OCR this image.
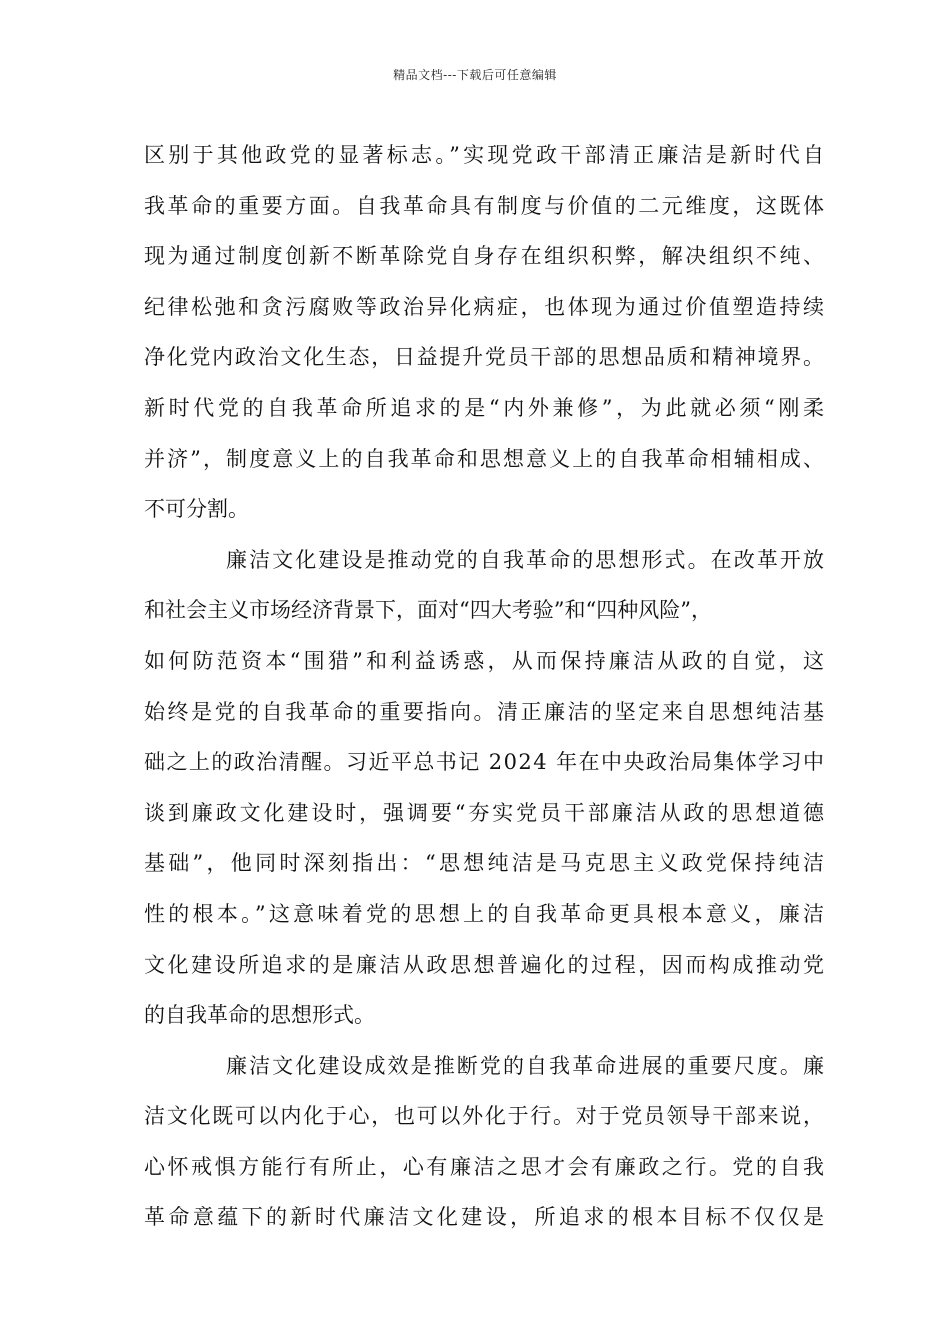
精品文档---下载后可任意编辑
区别于其他政党的显著标志。”实现党政干部清正廉洁是新时代自
我革命的重要方面。自我革命具有制度与价值的二元维度，这既体
现为通过制度创新不断革除党自身存在组织积弊，解决组织不纯、
纪律松弛和贪污腐败等政治异化病症，也体现为通过价值塑造持续
净化党内政治文化生态，日益提升党员干部的思想品质和精神境界。
新时代党的自我革命所追求的是“内外兼修”，为此就必须“刚柔
并济”，制度意义上的自我革命和思想意义上的自我革命相辅相成、
不可分割。
廉洁文化建设是推动党的自我革命的思想形式。在改革开放
和社会主义市场经济背景下，面对“四大考验”和“四种风险”，
如何防范资本“围猎”和利益诱惑，从而保持廉洁从政的自觉，这
始终是党的自我革命的重要指向。清正廉洁的坚定来自思想纯洁基
础之上的政治清醒。习近平总书记 2024 年在中央政治局集体学习中
谈到廉政文化建设时，强调要“夯实党员干部廉洁从政的思想道德
基础”，他同时深刻指出：“思想纯洁是马克思主义政党保持纯洁
性的根本。”这意味着党的思想上的自我革命更具根本意义，廉洁
文化建设所追求的是廉洁从政思想普遍化的过程，因而构成推动党
的自我革命的思想形式。
廉洁文化建设成效是推断党的自我革命进展的重要尺度。廉
洁文化既可以内化于心，也可以外化于行。对于党员领导干部来说，
心怀戒惧方能行有所止，心有廉洁之思才会有廉政之行。党的自我
革命意蕴下的新时代廉洁文化建设，所追求的根本目标不仅仅是
